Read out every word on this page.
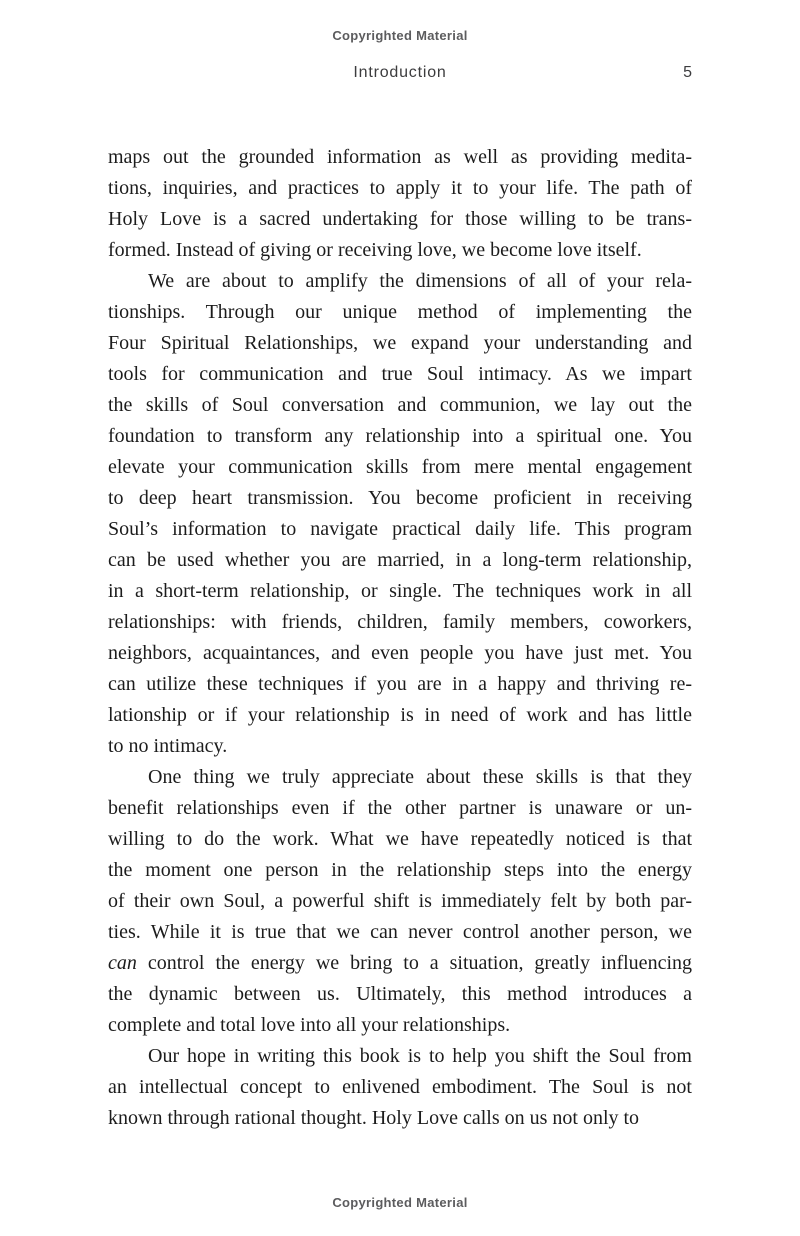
Copyrighted Material
Introduction	5
maps out the grounded information as well as providing medita-
tions, inquiries, and practices to apply it to your life. The path of
Holy Love is a sacred undertaking for those willing to be trans-
formed. Instead of giving or receiving love, we become love itself.
We are about to amplify the dimensions of all of your rela-
tionships. Through our unique method of implementing the
Four Spiritual Relationships, we expand your understanding and
tools for communication and true Soul intimacy. As we impart
the skills of Soul conversation and communion, we lay out the
foundation to transform any relationship into a spiritual one. You
elevate your communication skills from mere mental engagement
to deep heart transmission. You become proficient in receiving
Soul’s information to navigate practical daily life. This program
can be used whether you are married, in a long-term relationship,
in a short-term relationship, or single. The techniques work in all
relationships: with friends, children, family members, coworkers,
neighbors, acquaintances, and even people you have just met. You
can utilize these techniques if you are in a happy and thriving re-
lationship or if your relationship is in need of work and has little
to no intimacy.
One thing we truly appreciate about these skills is that they
benefit relationships even if the other partner is unaware or un-
willing to do the work. What we have repeatedly noticed is that
the moment one person in the relationship steps into the energy
of their own Soul, a powerful shift is immediately felt by both par-
ties. While it is true that we can never control another person, we
can control the energy we bring to a situation, greatly influencing
the dynamic between us. Ultimately, this method introduces a
complete and total love into all your relationships.
Our hope in writing this book is to help you shift the Soul from
an intellectual concept to enlivened embodiment. The Soul is not
known through rational thought. Holy Love calls on us not only to
Copyrighted Material
